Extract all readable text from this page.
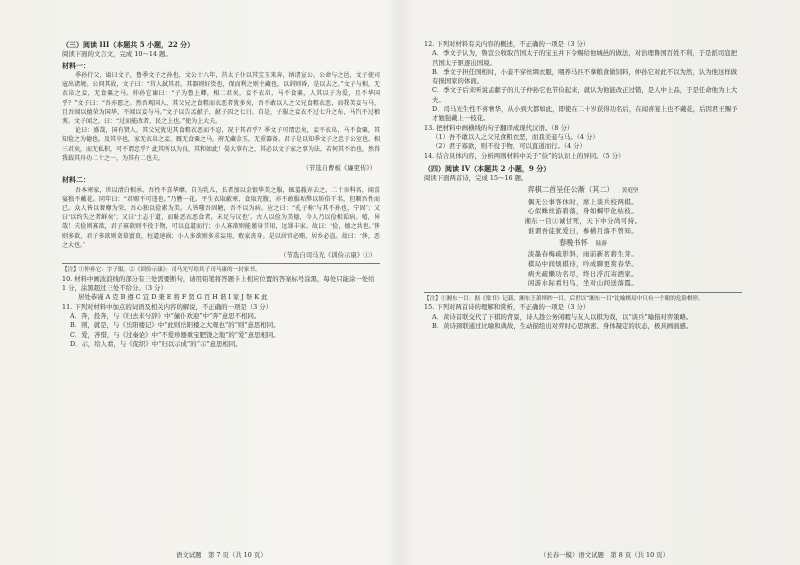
（三）阅读 III（本题共 5 小题，22 分）
阅读下面的文言文，完成 10～14 题。
材料一：

季孙行父，谥曰文子，鲁季文子之孙也，文公十八年，莒太子仆以其宝玉来奔，纳诸宣公。公命与之邑，文子使司寇出诸境。公问其故，文子曰：“莒人弑其君，其器则好货也，保而利之则主藏也，以训则昏，是以去之。”文子与相，无衣帛之妾，无食粟之马。仲孙它谏曰：“子为鲁上卿，相二君矣，妾不衣帛，马不食粟，人其以子为爱，且不华国乎？”文子曰：“吾亦愿之。然吾观国人，其父兄之食粗而衣恶者犹多矣，吾不敢以人之父兄食粗衣恶，而我美妾与马，且吾闻以德荣为国华，不闻以妾与马。”文子以告孟献子，献子囚之七日。自是，子服之妾衣不过七升之布，马饩不过稂莠。文子闻之，曰：“过而能改者，民之上也。”使为上大夫。

论曰：盛哉，国有贤人，其父兄犹见其食粗衣恶而不忍，况于其君乎？季文子可谓忠矣，妾不衣帛，马不食粟，其知俭之为德也。及其卒也，家无衣帛之妾，厩无食粟之马，府无藏金玉，无重器备。君子是以知季文子之忠于公室也。相三君矣，而无私积，可不谓忠乎？此其所以为良，其和如此！晏大事有之，其必以文子家之事为法，若何其不治也，然得我载其舟功二十之一，为其有二也夫。

（节选自曹板《廉吏传》）
材料二：

吾本寒家，世以清白相承。吾性不喜华靡，自为乳儿，长者加以金银华美之服，辄羞赧弃去之。二十忝科名，闻喜宴独不戴花。同年曰：“君赐不可违也。”乃簪一花。平生衣取蔽寒，食取充腹，亦不敢服垢弊以矫俗干名，但顺吾性而已。众人皆以奢靡为荣，吾心独以俭素为美。人皆嗤吾固陋，吾不以为病。应之曰：“孔子称‘与其不孙也，宁固’；又曰‘以约失之者鲜矣’；又曰‘士志于道，而耻恶衣恶食者，未足与议也’。古人以俭为美德，今人乃以俭相诟病。嘻，异哉！夫俭则寡欲，君子寡欲则不役于物，可以直道而行；小人寡欲则能谨身节用，远罪丰家。故曰：‘俭，德之共也。’侈则多欲，君子多欲则贪慕富贵，枉道速祸；小人多欲则多求妄用，败家丧身。是以居官必贿，居乡必盗。故曰：‘侈，恶之大也。’

（节选自司马光《训俭示康》①）
【注】①仲孙它：字子服。②《训俭示康》：司马光写给其子司马康的一封家书。
10. 材料中画波浪线的部分有三处需要断句，请用铅笔将答题卡上相应位置的答案标号涂黑，每处只能涂一处给 1 分，涂黑超过三处不给分。（3 分）
居处恭谨 A 克 B 遵 C 宜 D 秉 E 将 F 贤 G 百 H 谐 I 家 J 祭 K 此
11. 下列对材料中加点的词语及相关内容的解说，不正确的一项是（3 分）
A．奔，投奔，与《归去来兮辞》中“僮仆欢迎”中“奔”意思不相同。
B．则，就是，与《岳阳楼记》中“此则岳阳楼之大观也”的“则”意思相同。
C．爱，吝惜，与《过秦论》中“不爱珍器重宝肥饶之地”的“爱”意思相同。
D．示，给人看，与《促织》中“归以示成”的“示”意思相同。
语文试题　第 7 页（共 10 页）
12. 下列对材料有关内容的概述，不正确的一项是（3 分）
A．季文子认为，鲁宣公收取莒国太子的宝玉并下令赐给他城邑的做法，对治理鲁国百姓不利，于是派司寇把莒国太子驱逐出国境。
B．季文子担任国相时，小妾不穿丝绸衣服，喂养马匹不拿粮食做饲料，仲孙它对此不以为然，认为他这样做有损国家的体面。
C．季文子后来听说孟献子的儿子仲孙它也节俭起来，就认为他能改正过错，是人中上品，于是任命他为上大夫。
D．司马光生性不喜奢华，从小到大都如此，即使在二十岁获得功名后，在闻喜宴上也不戴花，后因君王赐予才勉强戴上一枝花。
13. 把材料中画横线的句子翻译成现代汉语。（8 分）
（1）吾不敢以人之父兄食粗衣恶，而我美妾与马。（4 分）
（2）君子寡欲，则不役于物，可以直道而行。（4 分）
14. 结合具体内容，分析两则材料中关于“俭”的认识上的异同。（5 分）
（四）阅读 IV（本题共 2 小题，9 分）
阅读下面两首诗，完成 15～16 题。
弈棋二首呈任公渐（其二） 黄庭坚
偶无公事客休时，席上谈兵校两棋。
心似蛛丝游碧落，身如蜩甲化枯枝。
湘东一目①诚甘死，天下中分尚可持。
谁谓吾徒犹爱日，参横月落不曾知。
春晚书怀 陆游
淡墨春梅疏影斜，雨前新茗碧生芽。
棋局中间烦棋待，吟成聊更赏春华。
病夫疏懒功名尽，终日浮沉寄酒家。
闲游水际看归鸟，坐对山间送落霞。
【注】①湘东一目：据《梁书》记载，湘东王萧绎眇一目，后世以“湘东一目”比喻棋局中只有一个眼的危险棋形。
15. 下列对两首诗的理解和赏析，不正确的一项是（3 分）
A．黄诗首联交代了下棋的背景，诗人趁公务闲暇与友人以棋为戏，以“谈兵”喻指对弈策略。
B．黄诗颈联通过比喻和典故，生动描绘出对弈时心思缜密、身体凝定的状态，极具画面感。
（长春一模）语文试题　第 8 页（共 10 页）
